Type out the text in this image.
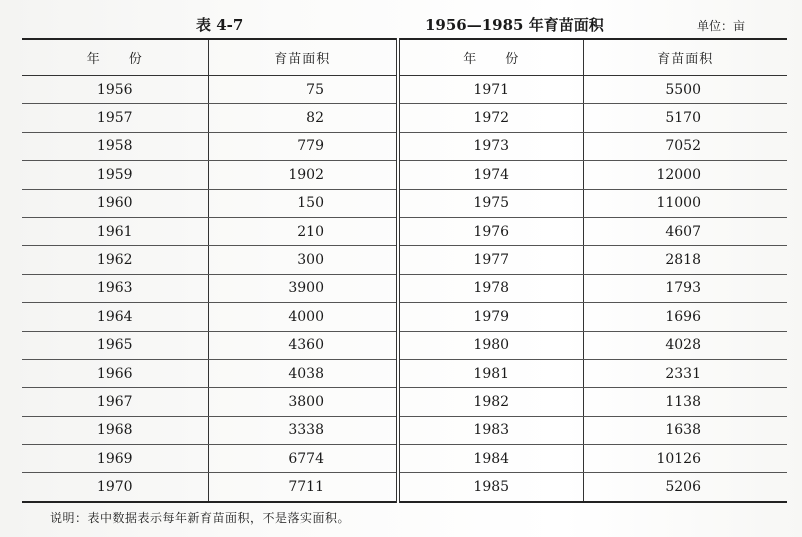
表 4-7	1956—1985 年育苗面积	单位：亩
年　　份	育苗面积	年　　份	育苗面积
1956	75	1971	5500
1957	82	1972	5170
1958	779	1973	7052
1959	1902	1974	12000
1960	150	1975	11000
1961	210	1976	4607
1962	300	1977	2818
1963	3900	1978	1793
1964	4000	1979	1696
1965	4360	1980	4028
1966	4038	1981	2331
1967	3800	1982	1138
1968	3338	1983	1638
1969	6774	1984	10126
1970	7711	1985	5206
说明：表中数据表示每年新育苗面积，不是落实面积。
